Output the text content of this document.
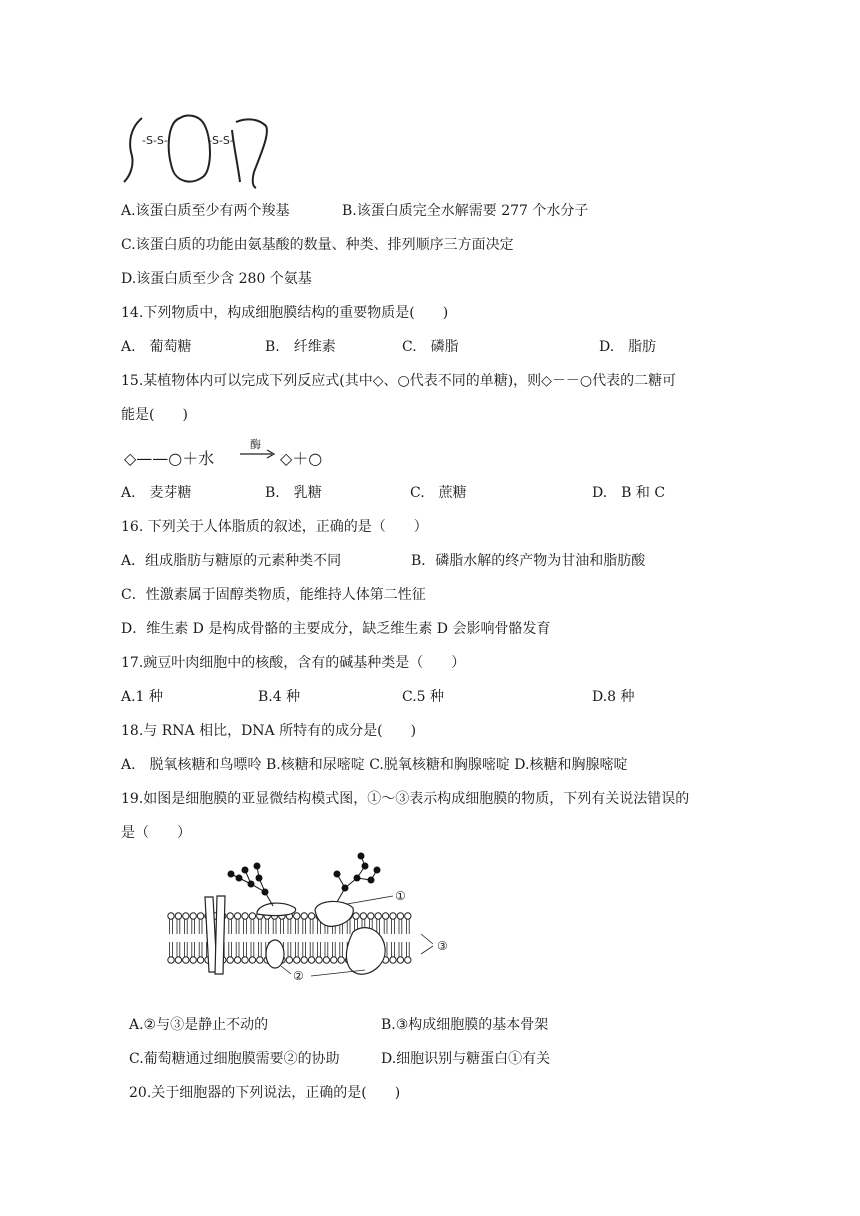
-S-S-	-S-S-
A.该蛋白质至少有两个羧基	B.该蛋白质完全水解需要 277 个水分子
C.该蛋白质的功能由氨基酸的数量、种类、排列顺序三方面决定
D.该蛋白质至少含 280 个氨基
14.下列物质中，构成细胞膜结构的重要物质是(　　)
A.　葡萄糖	B.　纤维素	C.　磷脂	D.　脂肪
15.某植物体内可以完成下列反应式(其中◇、○代表不同的单糖)，则◇－－○代表的二糖可
能是(　　)
◇——○＋水
酶
→ ◇＋○
A.　麦芽糖	B.　乳糖	C.　蔗糖	D.　B 和 C
16. 下列关于人体脂质的叙述，正确的是（　　）
A．组成脂肪与糖原的元素种类不同	B．磷脂水解的终产物为甘油和脂肪酸
C．性激素属于固醇类物质，能维持人体第二性征
D．维生素 D 是构成骨骼的主要成分，缺乏维生素 D 会影响骨骼发育
17.豌豆叶肉细胞中的核酸，含有的碱基种类是（　　）
A.1 种	B.4 种	C.5 种	D.8 种
18.与 RNA 相比，DNA 所特有的成分是(　　)
A.　脱氧核糖和鸟嘌呤 B.核糖和尿嘧啶 C.脱氧核糖和胸腺嘧啶 D.核糖和胸腺嘧啶
19.如图是细胞膜的亚显微结构模式图，①～③表示构成细胞膜的物质，下列有关说法错误的
是（　　）
①
②
③
A.②与③是静止不动的	B.③构成细胞膜的基本骨架
C.葡萄糖通过细胞膜需要②的协助	D.细胞识别与糖蛋白①有关
20.关于细胞器的下列说法，正确的是(　　)
